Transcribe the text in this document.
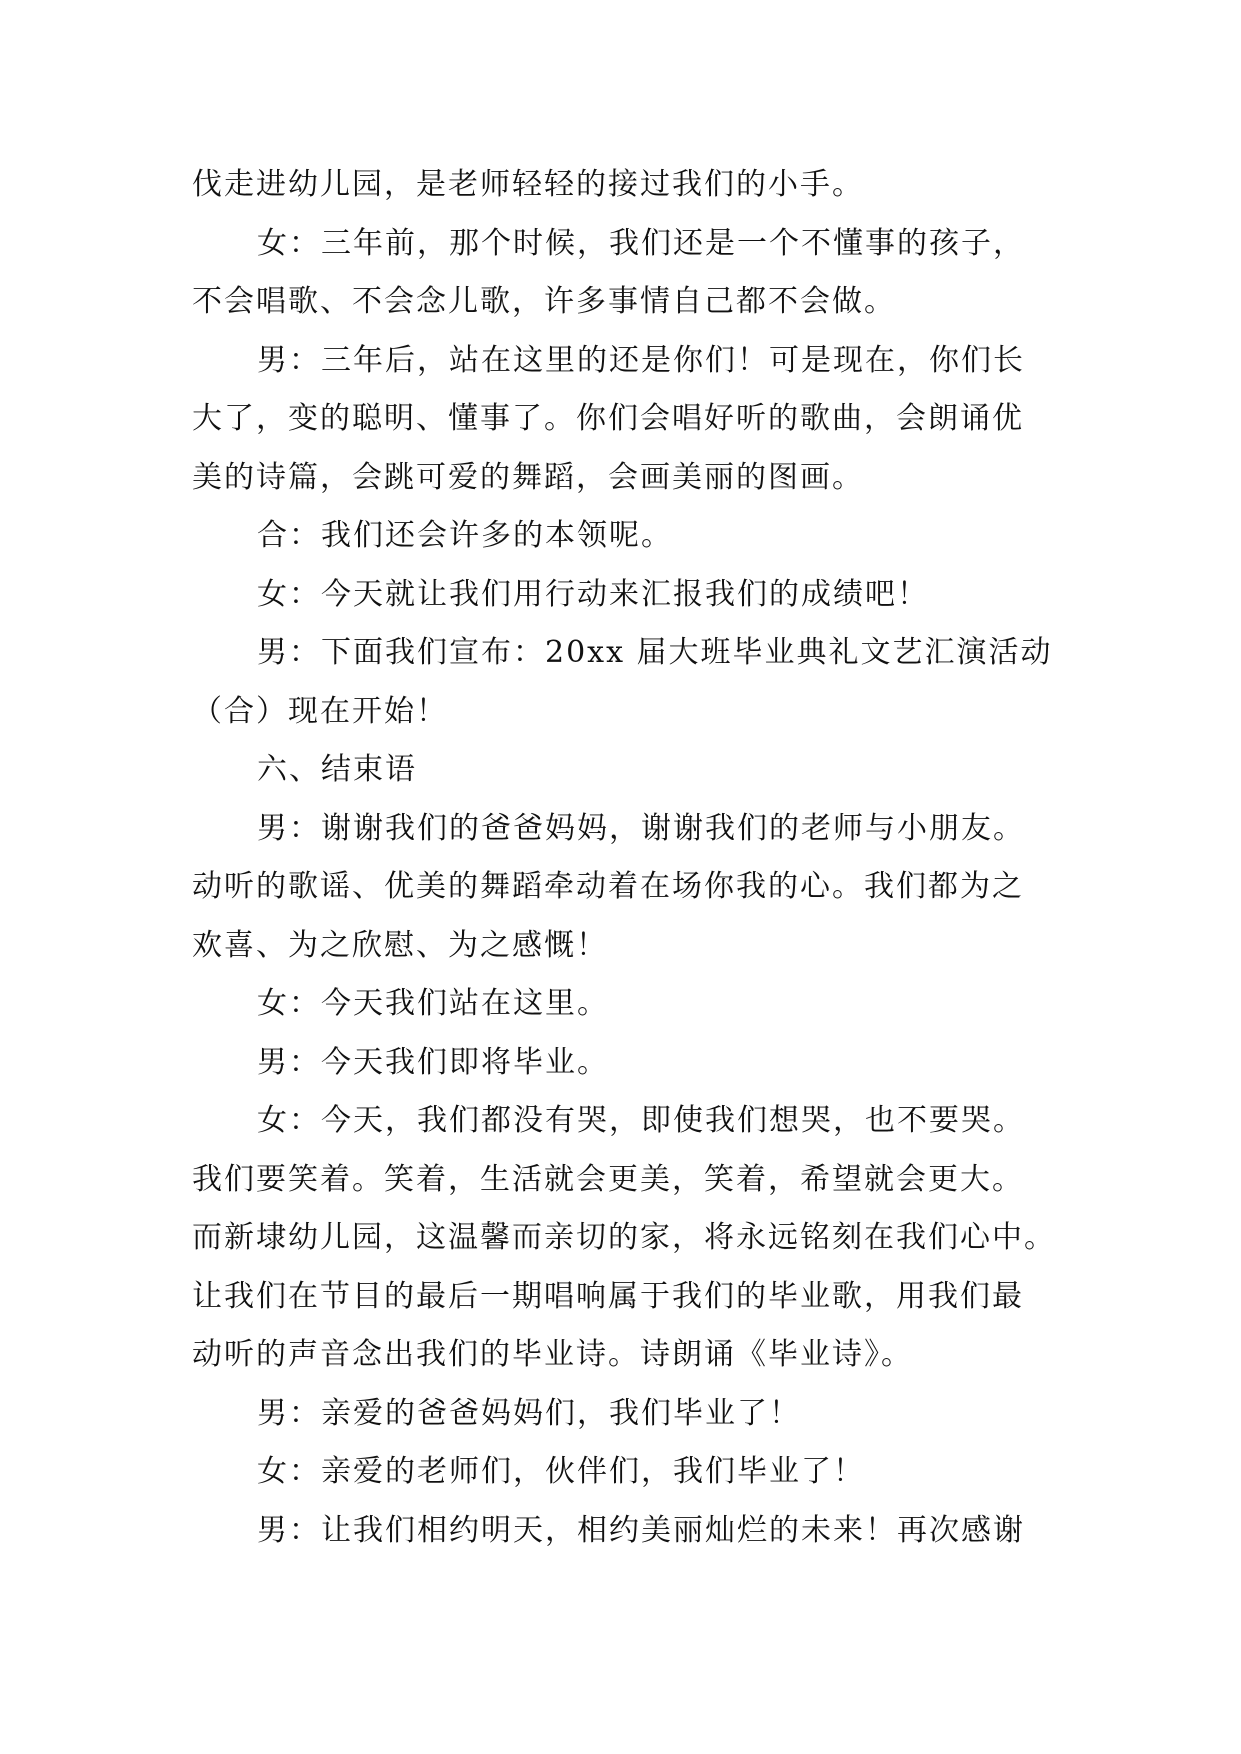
伐走进幼儿园，是老师轻轻的接过我们的小手。
女：三年前，那个时候，我们还是一个不懂事的孩子，
不会唱歌、不会念儿歌，许多事情自己都不会做。
男：三年后，站在这里的还是你们！可是现在，你们长
大了，变的聪明、懂事了。你们会唱好听的歌曲，会朗诵优
美的诗篇，会跳可爱的舞蹈，会画美丽的图画。
合：我们还会许多的本领呢。
女：今天就让我们用行动来汇报我们的成绩吧！
男：下面我们宣布：20xx 届大班毕业典礼文艺汇演活动
（合）现在开始！
六、结束语
男：谢谢我们的爸爸妈妈，谢谢我们的老师与小朋友。
动听的歌谣、优美的舞蹈牵动着在场你我的心。我们都为之
欢喜、为之欣慰、为之感慨！
女：今天我们站在这里。
男：今天我们即将毕业。
女：今天，我们都没有哭，即使我们想哭，也不要哭。
我们要笑着。笑着，生活就会更美，笑着，希望就会更大。
而新埭幼儿园，这温馨而亲切的家，将永远铭刻在我们心中。
让我们在节目的最后一期唱响属于我们的毕业歌，用我们最
动听的声音念出我们的毕业诗。诗朗诵《毕业诗》。
男：亲爱的爸爸妈妈们，我们毕业了！
女：亲爱的老师们，伙伴们，我们毕业了！
男：让我们相约明天，相约美丽灿烂的未来！再次感谢
